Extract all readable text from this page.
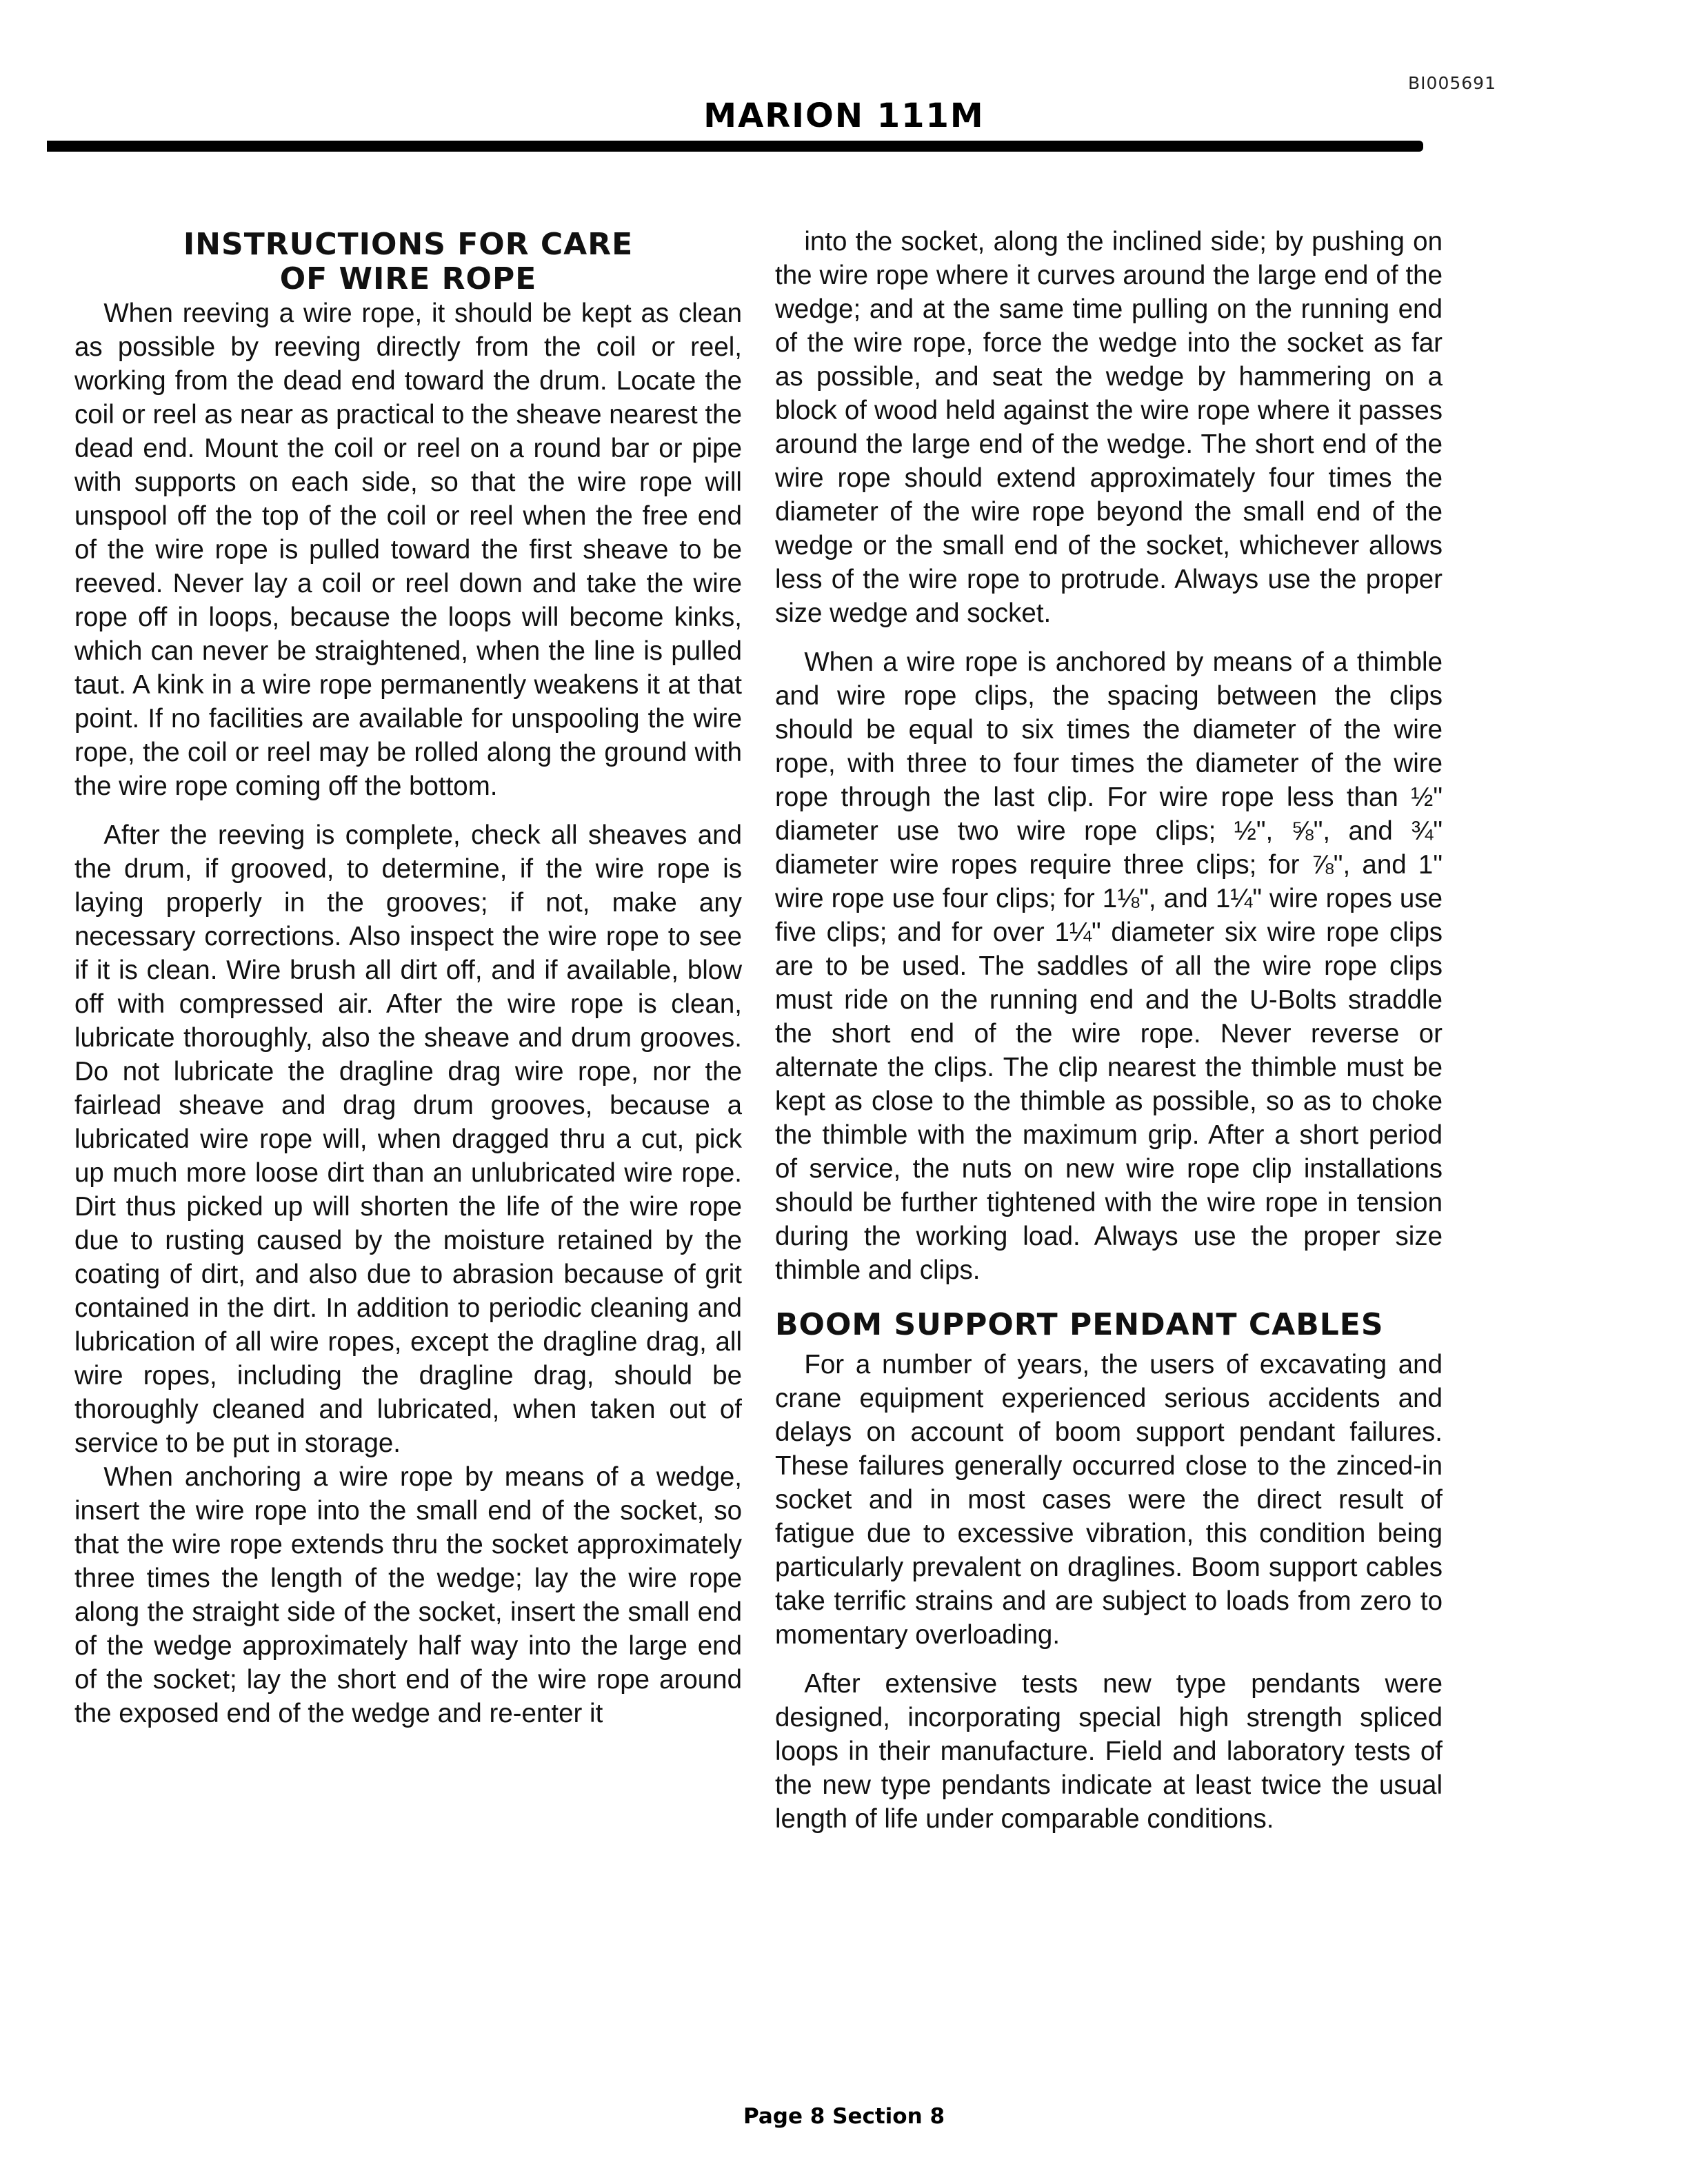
BI005691
MARION 111M
INSTRUCTIONS FOR CARE
OF WIRE ROPE

When reeving a wire rope, it should be kept as clean as possible by reeving directly from the coil or reel, working from the dead end toward the drum. Locate the coil or reel as near as practical to the sheave nearest the dead end. Mount the coil or reel on a round bar or pipe with supports on each side, so that the wire rope will unspool off the top of the coil or reel when the free end of the wire rope is pulled toward the first sheave to be reeved. Never lay a coil or reel down and take the wire rope off in loops, because the loops will become kinks, which can never be straightened, when the line is pulled taut. A kink in a wire rope permanently weakens it at that point. If no facilities are available for unspooling the wire rope, the coil or reel may be rolled along the ground with the wire rope coming off the bottom.

After the reeving is complete, check all sheaves and the drum, if grooved, to determine, if the wire rope is laying properly in the grooves; if not, make any necessary corrections. Also inspect the wire rope to see if it is clean. Wire brush all dirt off, and if available, blow off with compressed air. After the wire rope is clean, lubricate thoroughly, also the sheave and drum grooves. Do not lubricate the dragline drag wire rope, nor the fairlead sheave and drag drum grooves, because a lubricated wire rope will, when dragged thru a cut, pick up much more loose dirt than an unlubricated wire rope. Dirt thus picked up will shorten the life of the wire rope due to rusting caused by the moisture retained by the coating of dirt, and also due to abrasion because of grit contained in the dirt. In addition to periodic cleaning and lubrication of all wire ropes, except the dragline drag, all wire ropes, including the dragline drag, should be thoroughly cleaned and lubricated, when taken out of service to be put in storage.

When anchoring a wire rope by means of a wedge, insert the wire rope into the small end of the socket, so that the wire rope extends thru the socket approximately three times the length of the wedge; lay the wire rope along the straight side of the socket, insert the small end of the wedge approximately half way into the large end of the socket; lay the short end of the wire rope around the exposed end of the wedge and re-enter it

into the socket, along the inclined side; by pushing on the wire rope where it curves around the large end of the wedge; and at the same time pulling on the running end of the wire rope, force the wedge into the socket as far as possible, and seat the wedge by hammering on a block of wood held against the wire rope where it passes around the large end of the wedge. The short end of the wire rope should extend approximately four times the diameter of the wire rope beyond the small end of the wedge or the small end of the socket, whichever allows less of the wire rope to protrude. Always use the proper size wedge and socket.

When a wire rope is anchored by means of a thimble and wire rope clips, the spacing between the clips should be equal to six times the diameter of the wire rope, with three to four times the diameter of the wire rope through the last clip. For wire rope less than ½" diameter use two wire rope clips; ½", ⅝", and ¾" diameter wire ropes require three clips; for ⅞", and 1" wire rope use four clips; for 1⅛", and 1¼" wire ropes use five clips; and for over 1¼" diameter six wire rope clips are to be used. The saddles of all the wire rope clips must ride on the running end and the U-Bolts straddle the short end of the wire rope. Never reverse or alternate the clips. The clip nearest the thimble must be kept as close to the thimble as possible, so as to choke the thimble with the maximum grip. After a short period of service, the nuts on new wire rope clip installations should be further tightened with the wire rope in tension during the working load. Always use the proper size thimble and clips.

BOOM SUPPORT PENDANT CABLES

For a number of years, the users of excavating and crane equipment experienced serious accidents and delays on account of boom support pendant failures. These failures generally occurred close to the zinced-in socket and in most cases were the direct result of fatigue due to excessive vibration, this condition being particularly prevalent on draglines. Boom support cables take terrific strains and are subject to loads from zero to momentary overloading.

After extensive tests new type pendants were designed, incorporating special high strength spliced loops in their manufacture. Field and laboratory tests of the new type pendants indicate at least twice the usual length of life under comparable conditions.

Page 8 Section 8
